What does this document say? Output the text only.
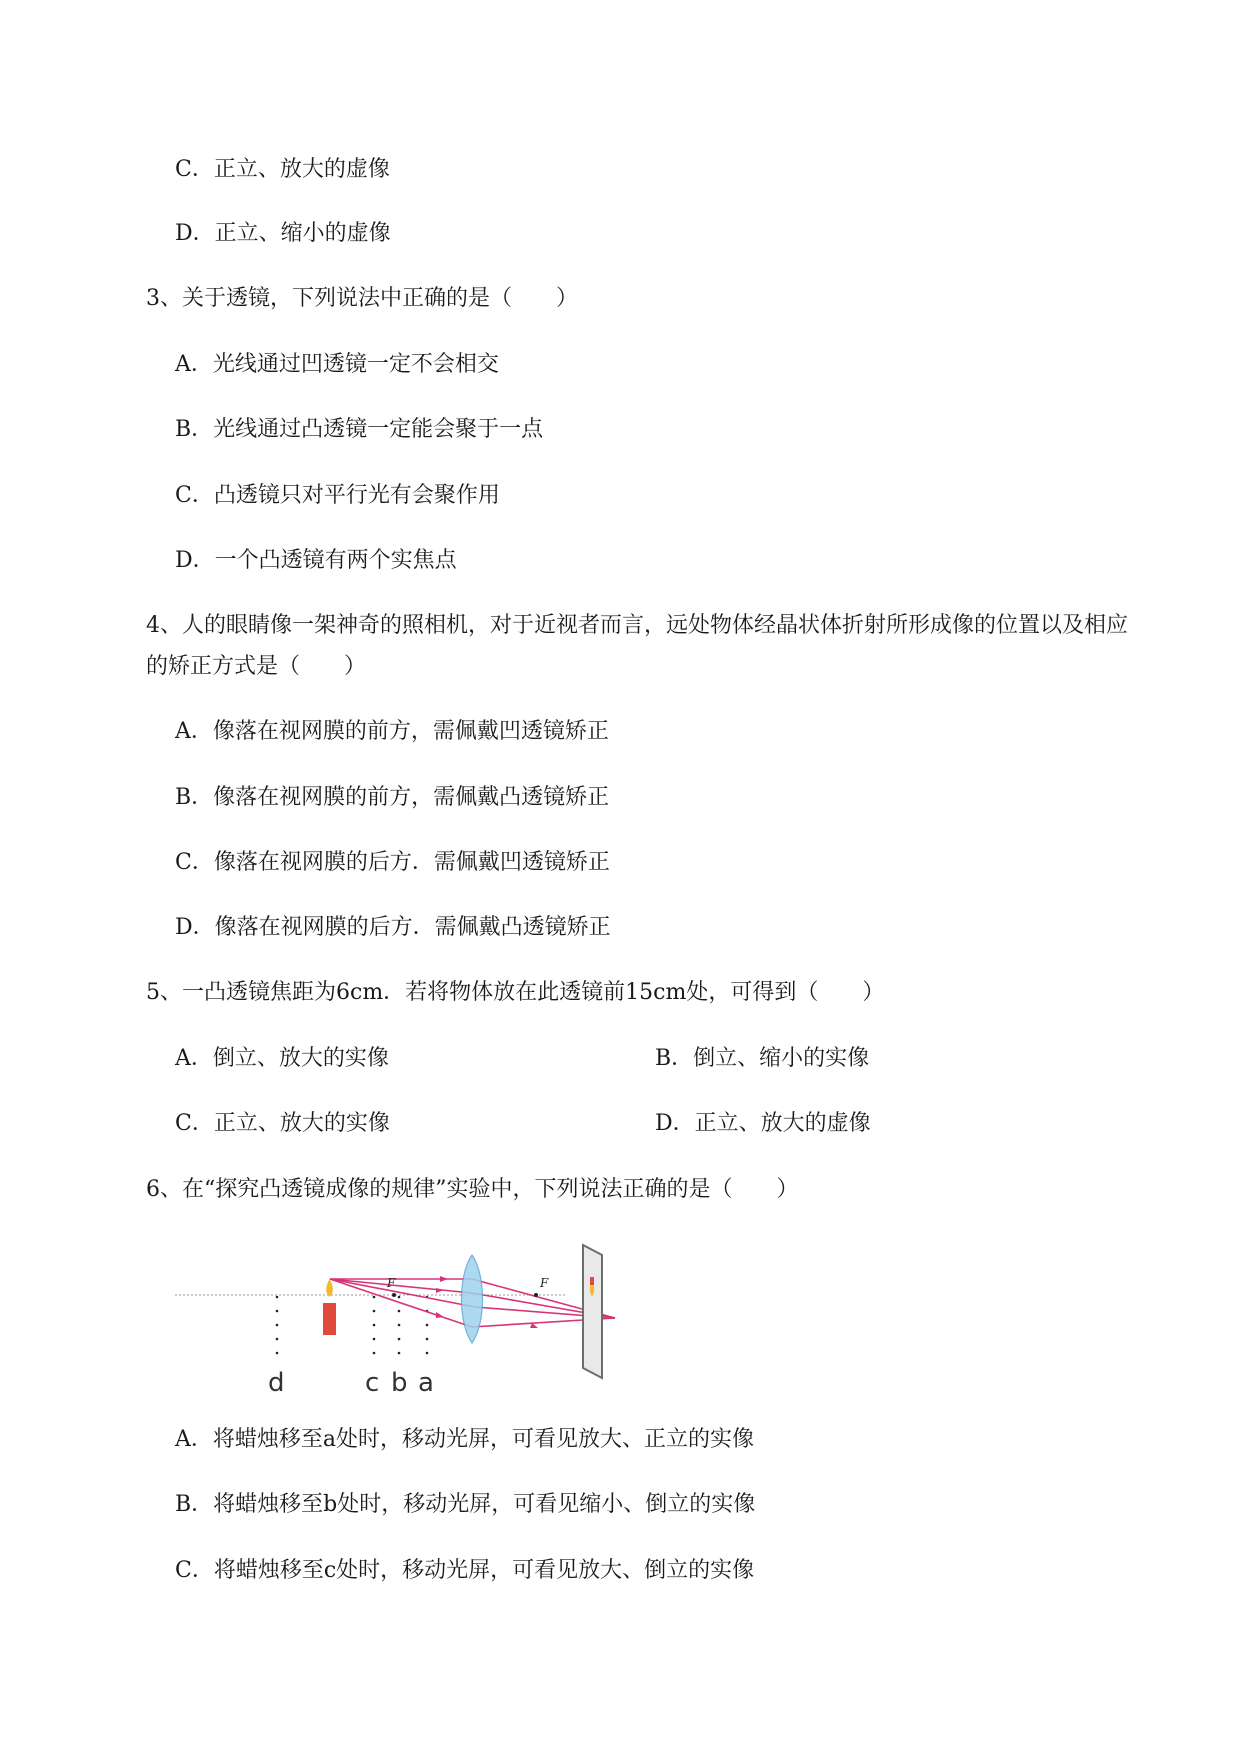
C．正立、放大的虚像
D．正立、缩小的虚像
3、关于透镜，下列说法中正确的是（　　）
A．光线通过凹透镜一定不会相交
B．光线通过凸透镜一定能会聚于一点
C．凸透镜只对平行光有会聚作用
D．一个凸透镜有两个实焦点
4、人的眼睛像一架神奇的照相机，对于近视者而言，远处物体经晶状体折射所形成像的位置以及相应
的矫正方式是（　　）
A．像落在视网膜的前方，需佩戴凹透镜矫正
B．像落在视网膜的前方，需佩戴凸透镜矫正
C．像落在视网膜的后方．需佩戴凹透镜矫正
D．像落在视网膜的后方．需佩戴凸透镜矫正
5、一凸透镜焦距为6cm．若将物体放在此透镜前15cm处，可得到（　　）
A．倒立、放大的实像	B．倒立、缩小的实像
C．正立、放大的实像	D．正立、放大的虚像
6、在“探究凸透镜成像的规律”实验中，下列说法正确的是（　　）
F	F
d	c b a
A．将蜡烛移至a处时，移动光屏，可看见放大、正立的实像
B．将蜡烛移至b处时，移动光屏，可看见缩小、倒立的实像
C．将蜡烛移至c处时，移动光屏，可看见放大、倒立的实像
